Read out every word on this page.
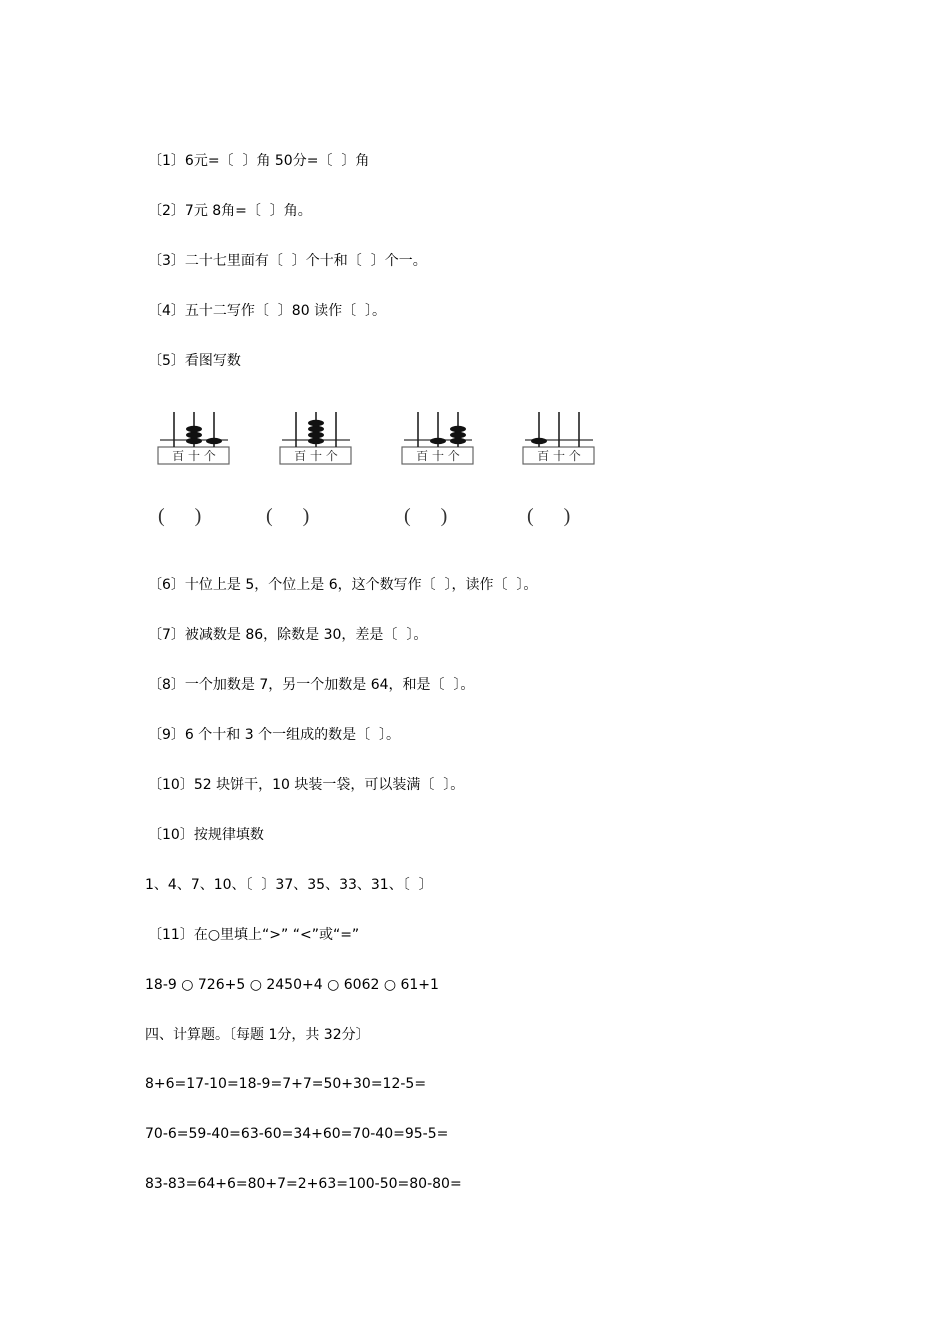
〔1〕6元=〔  〕角 50分=〔  〕角
〔2〕7元 8角=〔  〕角。
〔3〕二十七里面有〔  〕个十和〔  〕个一。
〔4〕五十二写作〔  〕80 读作〔  〕。
〔5〕看图写数
百 十 个	百 十 个	百 十 个	百 十 个
(      )	(      )	(      )	(      )
〔6〕十位上是 5，个位上是 6，这个数写作〔  〕，读作〔  〕。
〔7〕被减数是 86，除数是 30，差是〔  〕。
〔8〕一个加数是 7，另一个加数是 64，和是〔  〕。
〔9〕6 个十和 3 个一组成的数是〔  〕。
〔10〕52 块饼干，10 块装一袋，可以装满〔  〕。
〔10〕按规律填数
1、4、7、10、〔  〕37、35、33、31、〔  〕
〔11〕在○里填上“>” “<”或“=”
18-9 ○ 726+5 ○ 2450+4 ○ 6062 ○ 61+1
四、计算题。〔每题 1分，共 32分〕
8+6=17-10=18-9=7+7=50+30=12-5=
70-6=59-40=63-60=34+60=70-40=95-5=
83-83=64+6=80+7=2+63=100-50=80-80=
